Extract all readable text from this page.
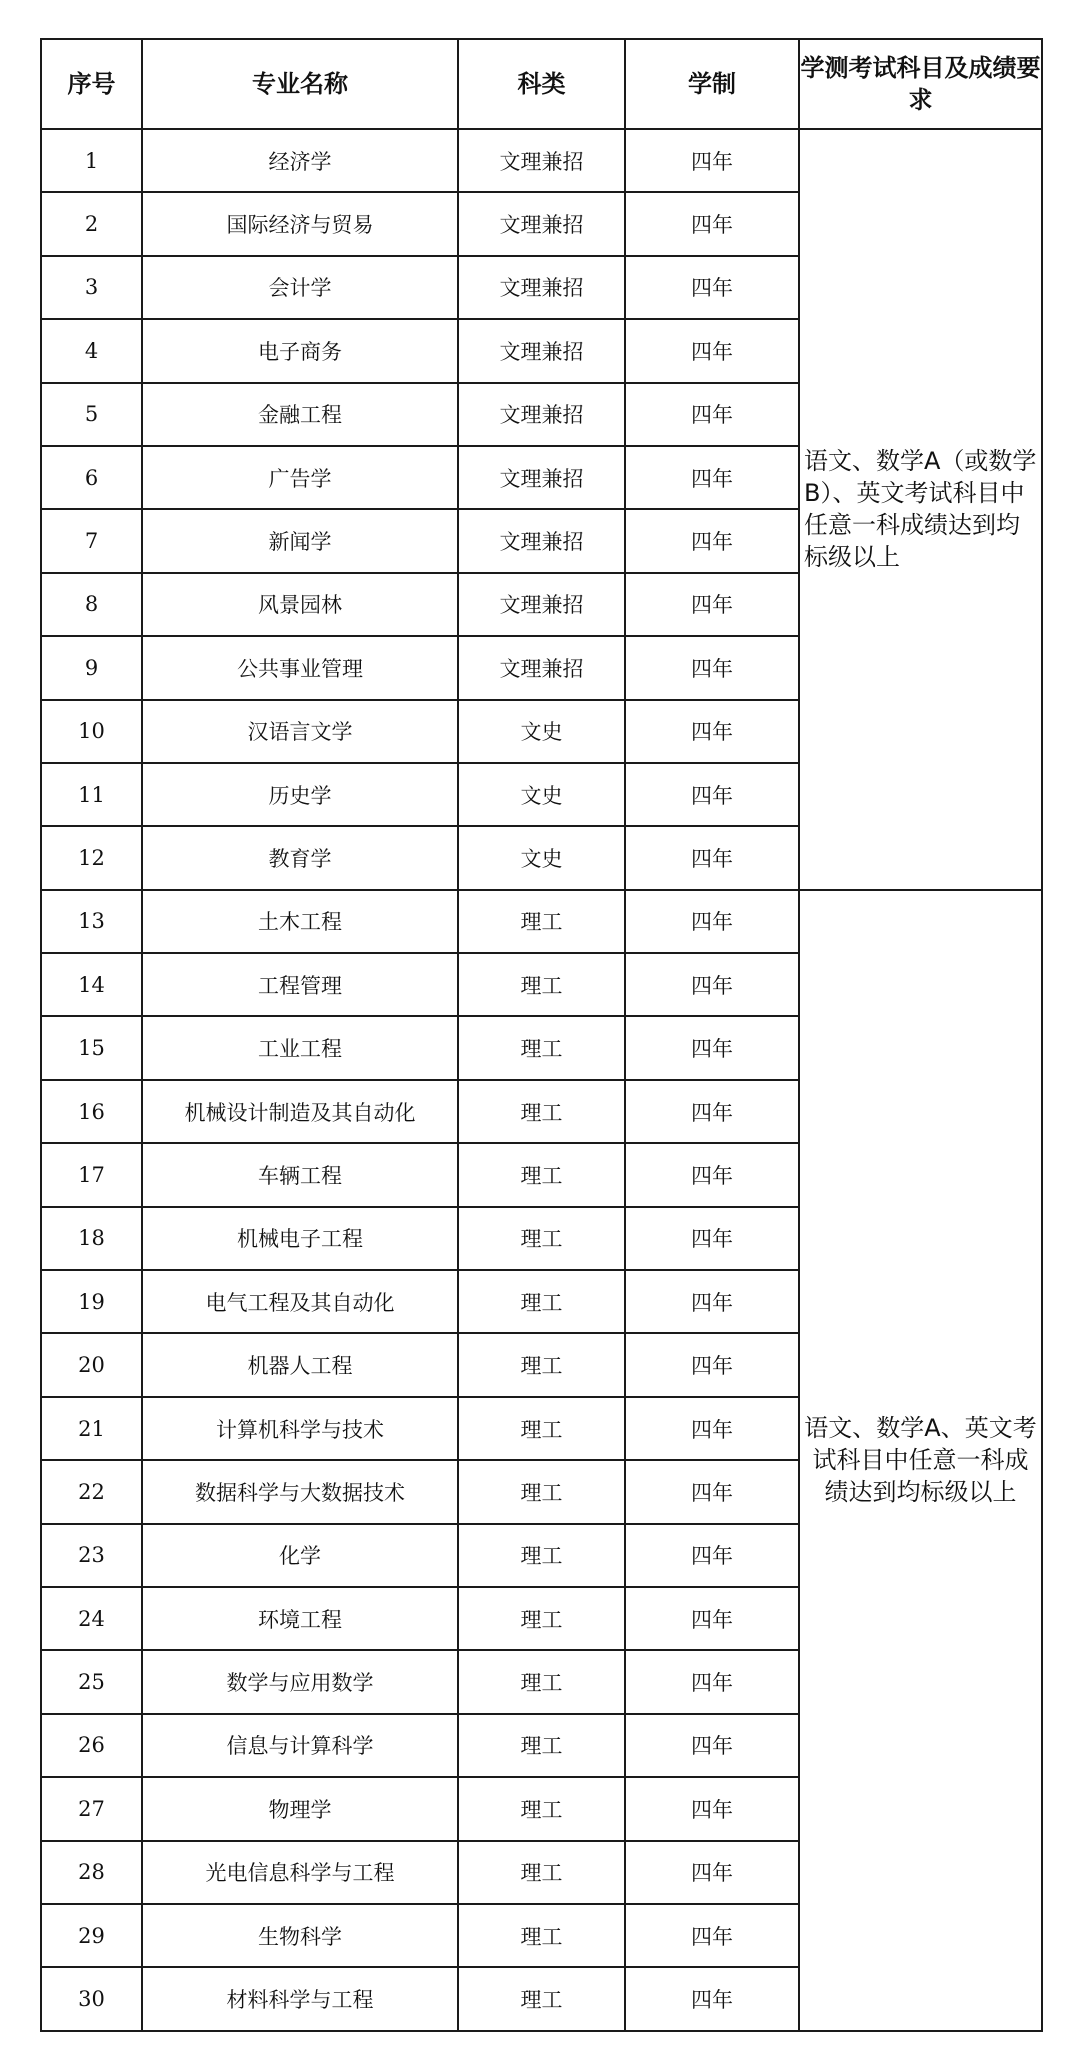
序号	专业名称	科类	学制	学测考试科目及成绩要求
1	经济学	文理兼招	四年	语文、数学A（或数学B）、英文考试科目中任意一科成绩达到均标级以上
2	国际经济与贸易	文理兼招	四年	
3	会计学	文理兼招	四年	
4	电子商务	文理兼招	四年	
5	金融工程	文理兼招	四年	
6	广告学	文理兼招	四年	
7	新闻学	文理兼招	四年	
8	风景园林	文理兼招	四年	
9	公共事业管理	文理兼招	四年	
10	汉语言文学	文史	四年	
11	历史学	文史	四年	
12	教育学	文史	四年	
13	土木工程	理工	四年	语文、数学A、英文考试科目中任意一科成绩达到均标级以上
14	工程管理	理工	四年	
15	工业工程	理工	四年	
16	机械设计制造及其自动化	理工	四年	
17	车辆工程	理工	四年	
18	机械电子工程	理工	四年	
19	电气工程及其自动化	理工	四年	
20	机器人工程	理工	四年	
21	计算机科学与技术	理工	四年	
22	数据科学与大数据技术	理工	四年	
23	化学	理工	四年	
24	环境工程	理工	四年	
25	数学与应用数学	理工	四年	
26	信息与计算科学	理工	四年	
27	物理学	理工	四年	
28	光电信息科学与工程	理工	四年	
29	生物科学	理工	四年	
30	材料科学与工程	理工	四年	
